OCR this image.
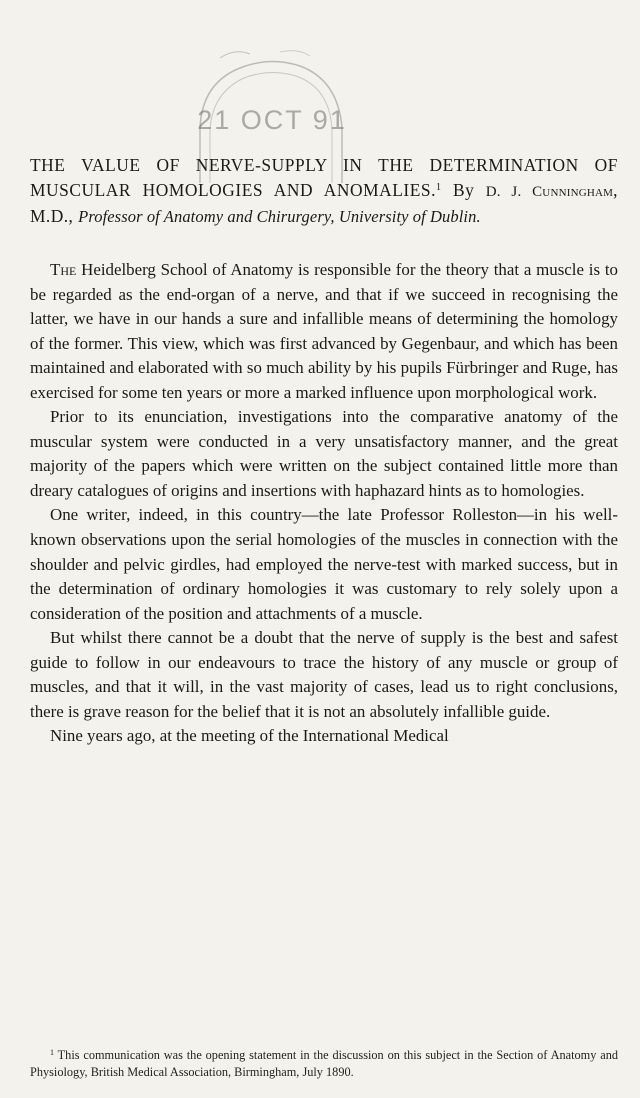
21 OCT 91
THE VALUE OF NERVE-SUPPLY IN THE DETERMINATION OF MUSCULAR HOMOLOGIES AND ANOMALIES.$^1$ By D. J. Cunningham, M.D., Professor of Anatomy and Chirurgery, University of Dublin.

The Heidelberg School of Anatomy is responsible for the theory that a muscle is to be regarded as the end-organ of a nerve, and that if we succeed in recognising the latter, we have in our hands a sure and infallible means of determining the homology of the former. This view, which was first advanced by Gegenbaur, and which has been maintained and elaborated with so much ability by his pupils Fürbringer and Ruge, has exercised for some ten years or more a marked influence upon morphological work.

Prior to its enunciation, investigations into the comparative anatomy of the muscular system were conducted in a very unsatisfactory manner, and the great majority of the papers which were written on the subject contained little more than dreary catalogues of origins and insertions with haphazard hints as to homologies.

One writer, indeed, in this country—the late Professor Rolleston—in his well-known observations upon the serial homologies of the muscles in connection with the shoulder and pelvic girdles, had employed the nerve-test with marked success, but in the determination of ordinary homologies it was customary to rely solely upon a consideration of the position and attachments of a muscle.

But whilst there cannot be a doubt that the nerve of supply is the best and safest guide to follow in our endeavours to trace the history of any muscle or group of muscles, and that it will, in the vast majority of cases, lead us to right conclusions, there is grave reason for the belief that it is not an absolutely infallible guide.

Nine years ago, at the meeting of the International Medical

$^1$ This communication was the opening statement in the discussion on this subject in the Section of Anatomy and Physiology, British Medical Association, Birmingham, July 1890.
